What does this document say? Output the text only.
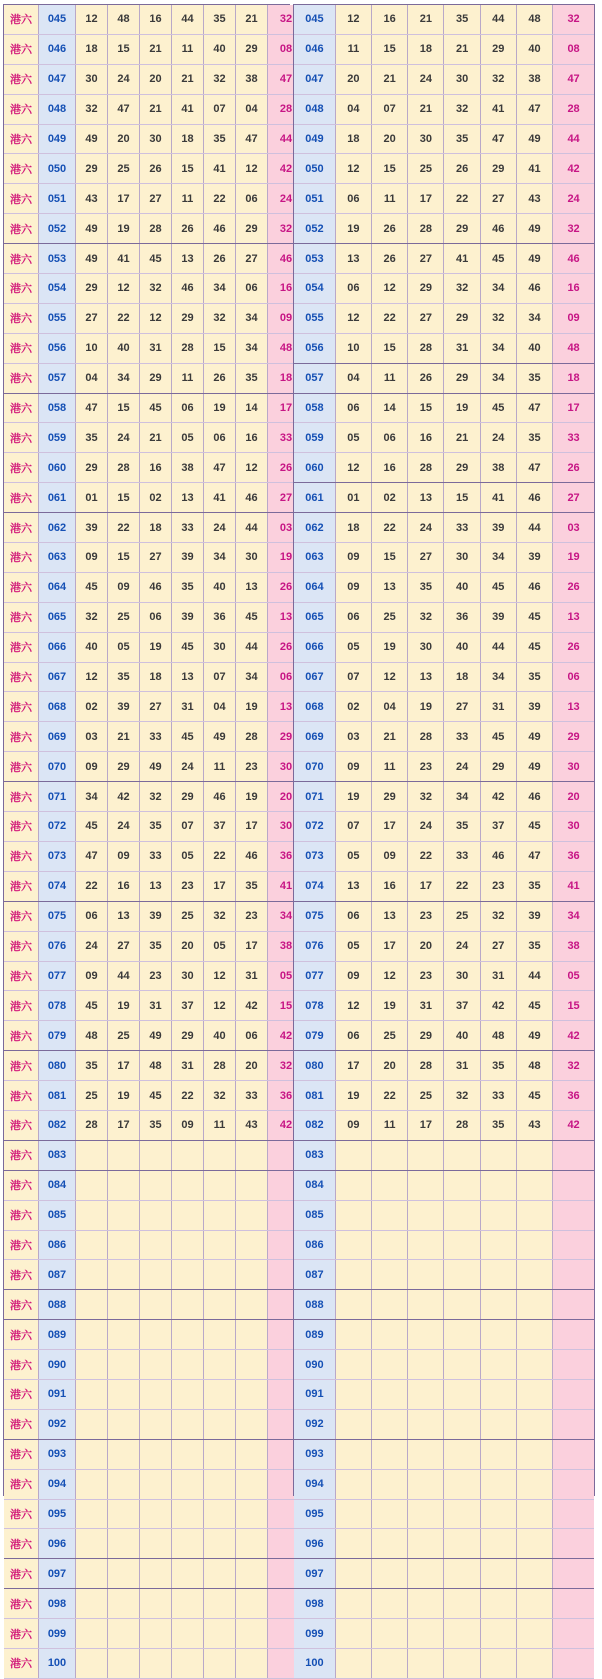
港六	045	12	48	16	44	35	21	32
港六	046	18	15	21	11	40	29	08
港六	047	30	24	20	21	32	38	47
港六	048	32	47	21	41	07	04	28
港六	049	49	20	30	18	35	47	44
港六	050	29	25	26	15	41	12	42
港六	051	43	17	27	11	22	06	24
港六	052	49	19	28	26	46	29	32
港六	053	49	41	45	13	26	27	46
港六	054	29	12	32	46	34	06	16
港六	055	27	22	12	29	32	34	09
港六	056	10	40	31	28	15	34	48
港六	057	04	34	29	11	26	35	18
港六	058	47	15	45	06	19	14	17
港六	059	35	24	21	05	06	16	33
港六	060	29	28	16	38	47	12	26
港六	061	01	15	02	13	41	46	27
港六	062	39	22	18	33	24	44	03
港六	063	09	15	27	39	34	30	19
港六	064	45	09	46	35	40	13	26
港六	065	32	25	06	39	36	45	13
港六	066	40	05	19	45	30	44	26
港六	067	12	35	18	13	07	34	06
港六	068	02	39	27	31	04	19	13
港六	069	03	21	33	45	49	28	29
港六	070	09	29	49	24	11	23	30
港六	071	34	42	32	29	46	19	20
港六	072	45	24	35	07	37	17	30
港六	073	47	09	33	05	22	46	36
港六	074	22	16	13	23	17	35	41
港六	075	06	13	39	25	32	23	34
港六	076	24	27	35	20	05	17	38
港六	077	09	44	23	30	12	31	05
港六	078	45	19	31	37	12	42	15
港六	079	48	25	49	29	40	06	42
港六	080	35	17	48	31	28	20	32
港六	081	25	19	45	22	32	33	36
港六	082	28	17	35	09	11	43	42
港六	083							
港六	084							
港六	085							
港六	086							
港六	087							
港六	088							
港六	089							
港六	090							
港六	091							
港六	092							
港六	093							
港六	094							
港六	095							
港六	096							
港六	097							
港六	098							
港六	099							
港六	100							
045	12	16	21	35	44	48	32
046	11	15	18	21	29	40	08
047	20	21	24	30	32	38	47
048	04	07	21	32	41	47	28
049	18	20	30	35	47	49	44
050	12	15	25	26	29	41	42
051	06	11	17	22	27	43	24
052	19	26	28	29	46	49	32
053	13	26	27	41	45	49	46
054	06	12	29	32	34	46	16
055	12	22	27	29	32	34	09
056	10	15	28	31	34	40	48
057	04	11	26	29	34	35	18
058	06	14	15	19	45	47	17
059	05	06	16	21	24	35	33
060	12	16	28	29	38	47	26
061	01	02	13	15	41	46	27
062	18	22	24	33	39	44	03
063	09	15	27	30	34	39	19
064	09	13	35	40	45	46	26
065	06	25	32	36	39	45	13
066	05	19	30	40	44	45	26
067	07	12	13	18	34	35	06
068	02	04	19	27	31	39	13
069	03	21	28	33	45	49	29
070	09	11	23	24	29	49	30
071	19	29	32	34	42	46	20
072	07	17	24	35	37	45	30
073	05	09	22	33	46	47	36
074	13	16	17	22	23	35	41
075	06	13	23	25	32	39	34
076	05	17	20	24	27	35	38
077	09	12	23	30	31	44	05
078	12	19	31	37	42	45	15
079	06	25	29	40	48	49	42
080	17	20	28	31	35	48	32
081	19	22	25	32	33	45	36
082	09	11	17	28	35	43	42
083							
084							
085							
086							
087							
088							
089							
090							
091							
092							
093							
094							
095							
096							
097							
098							
099							
100							
